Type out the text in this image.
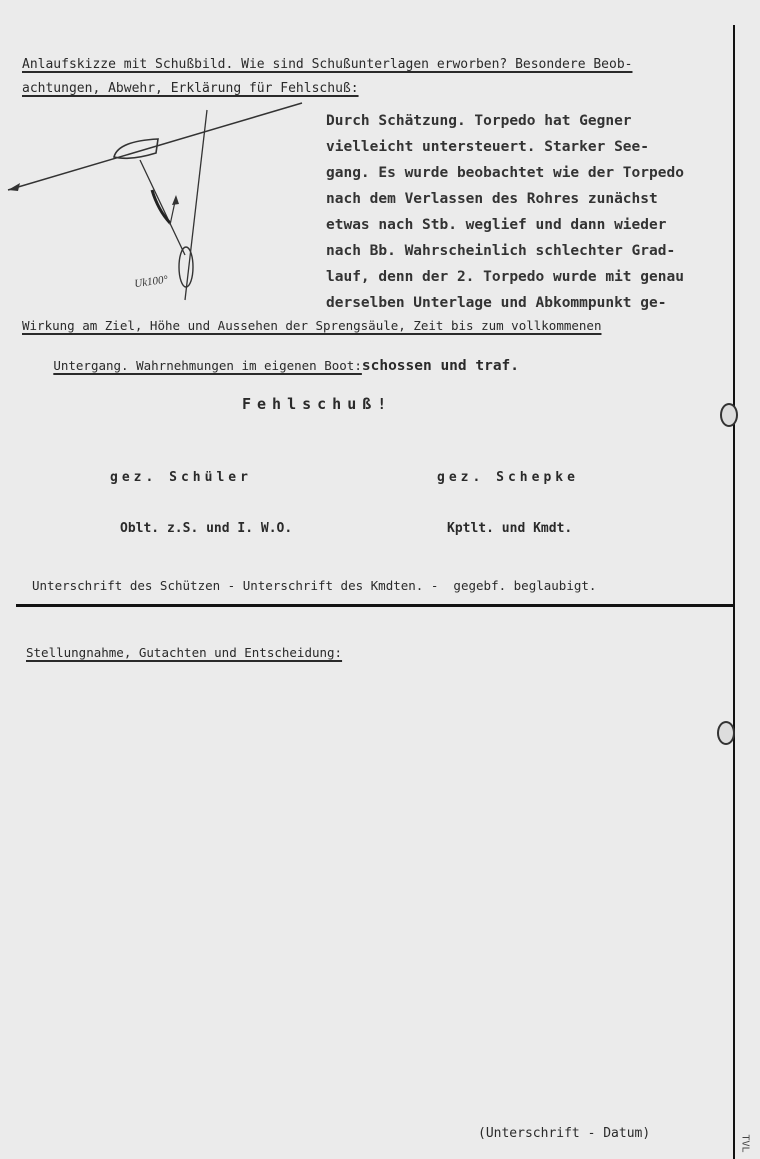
Anlaufskizze mit Schußbild. Wie sind Schußunterlagen erworben? Besondere Beob-
achtungen, Abwehr, Erklärung für Fehlschuß:
Uk100°
Durch Schätzung. Torpedo hat Gegner
vielleicht untersteuert. Starker See-
gang. Es wurde beobachtet wie der Torpedo
nach dem Verlassen des Rohres zunächst
etwas nach Stb. weglief und dann wieder
nach Bb. Wahrscheinlich schlechter Grad-
lauf, denn der 2. Torpedo wurde mit genau
derselben Unterlage und Abkommpunkt ge-
Wirkung am Ziel, Höhe und Aussehen der Sprengsäule, Zeit bis zum vollkommenen

Untergang. Wahrnehmungen im eigenen Boot:schossen und traf.

Fehlschuß!
gez. Schüler	gez. Schepke
Oblt. z.S. und I. W.O.	Kptlt. und Kmdt.
Unterschrift des Schützen - Unterschrift des Kmdten. -  gegebf. beglaubigt.
Stellungnahme, Gutachten und Entscheidung:
(Unterschrift - Datum)
TVL
